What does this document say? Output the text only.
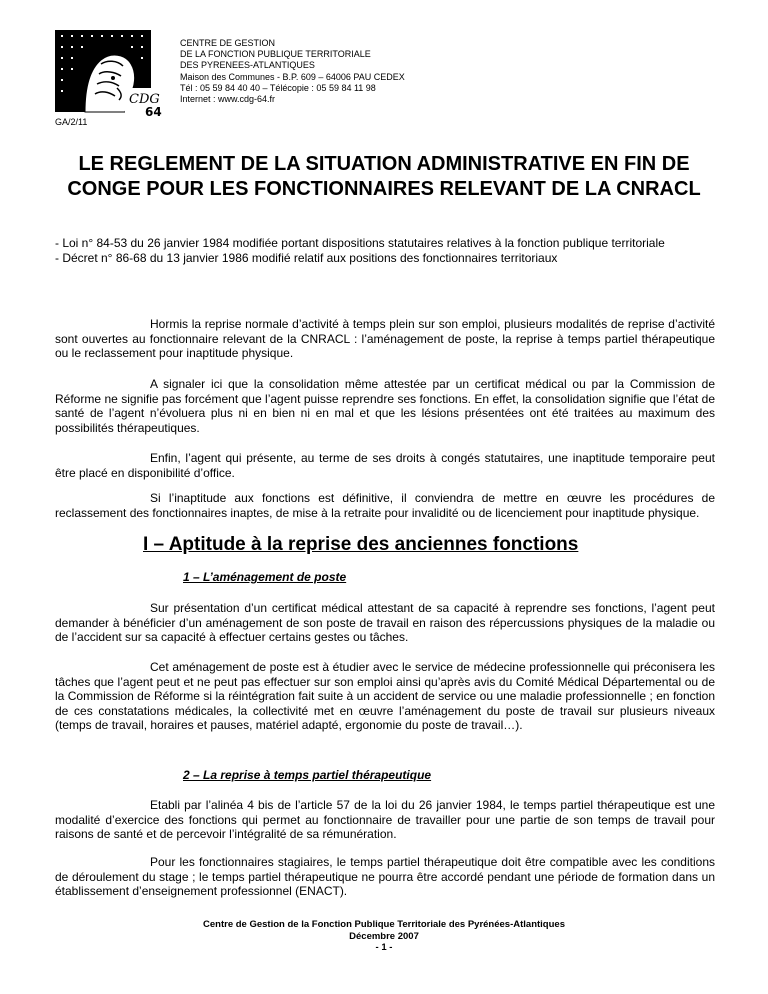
CDG
64
GA/2/11
CENTRE DE GESTION
DE LA FONCTION PUBLIQUE TERRITORIALE
DES PYRENEES-ATLANTIQUES
Maison des Communes - B.P. 609 – 64006 PAU CEDEX
Tél : 05 59 84 40 40 – Télécopie : 05 59 84 11 98
Internet : www.cdg-64.fr
LE REGLEMENT DE LA SITUATION ADMINISTRATIVE EN FIN DE CONGE POUR LES FONCTIONNAIRES RELEVANT DE LA CNRACL
- Loi n° 84-53 du 26 janvier 1984 modifiée portant dispositions statutaires relatives à la fonction publique territoriale
- Décret n° 86-68 du 13 janvier 1986 modifié relatif aux positions des fonctionnaires territoriaux

Hormis la reprise normale d’activité à temps plein sur son emploi, plusieurs modalités de reprise d’activité sont ouvertes au fonctionnaire relevant de la CNRACL : l’aménagement de poste, la reprise à temps partiel thérapeutique ou le reclassement pour inaptitude physique.

A signaler ici que la consolidation même attestée par un certificat médical ou par la Commission de Réforme ne signifie pas forcément que l’agent puisse reprendre ses fonctions. En effet, la consolidation signifie que l’état de santé de l’agent n’évoluera plus ni en bien ni en mal et que les lésions présentées ont été traitées au maximum des possibilités thérapeutiques.

Enfin, l’agent qui présente, au terme de ses droits à congés statutaires, une inaptitude temporaire peut être placé en disponibilité d’office.

Si l’inaptitude aux fonctions est définitive, il conviendra de mettre en œuvre les procédures de reclassement des fonctionnaires inaptes, de mise à la retraite pour invalidité ou de licenciement pour inaptitude physique.

I – Aptitude à la reprise des anciennes fonctions
1 – L’aménagement de poste

Sur présentation d’un certificat médical attestant de sa capacité à reprendre ses fonctions, l’agent peut demander à bénéficier d’un aménagement de son poste de travail en raison des répercussions physiques de la maladie ou de l’accident sur sa capacité à effectuer certains gestes ou tâches.

Cet aménagement de poste est à étudier avec le service de médecine professionnelle qui préconisera les tâches que l’agent peut et ne peut pas effectuer sur son emploi ainsi qu’après avis du Comité Médical Départemental ou de la Commission de Réforme si la réintégration fait suite à un accident de service ou une maladie professionnelle ; en fonction de ces constatations médicales, la collectivité met en œuvre l’aménagement du poste de travail sur plusieurs niveaux (temps de travail, horaires et pauses, matériel adapté, ergonomie du poste de travail…).

2 – La reprise à temps partiel thérapeutique

Etabli par l’alinéa 4 bis de l’article 57 de la loi du 26 janvier 1984, le temps partiel thérapeutique est une modalité d’exercice des fonctions qui permet au fonctionnaire de travailler pour une partie de son temps de travail pour raisons de santé et de percevoir l’intégralité de sa rémunération.

Pour les fonctionnaires stagiaires, le temps partiel thérapeutique doit être compatible avec les conditions de déroulement du stage ; le temps partiel thérapeutique ne pourra être accordé pendant une période de formation dans un établissement d’enseignement professionnel (ENACT).

Centre de Gestion de la Fonction Publique Territoriale des Pyrénées-Atlantiques
Décembre 2007
- 1 -
